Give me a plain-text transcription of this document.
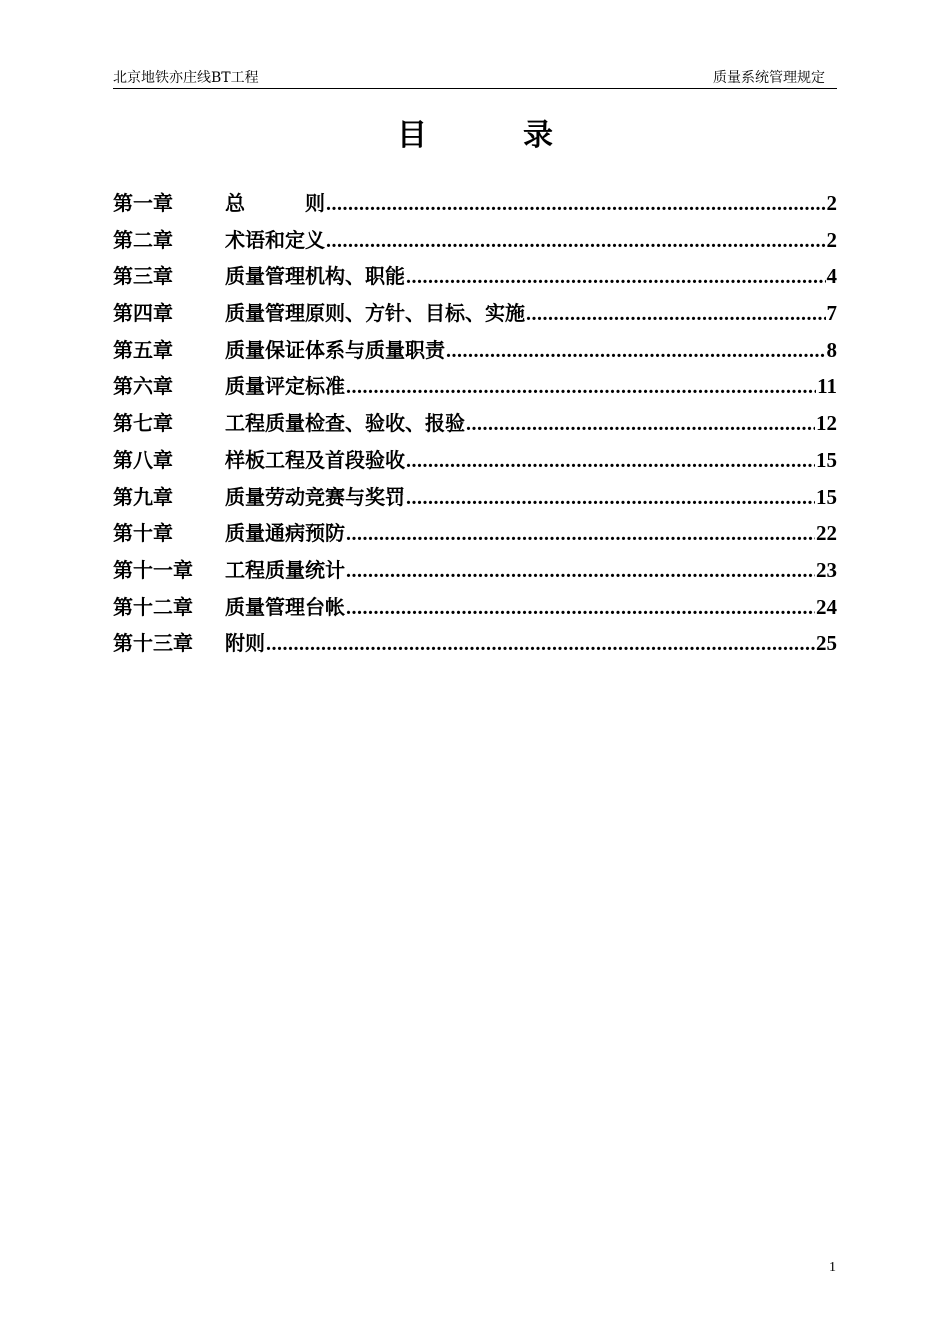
北京地铁亦庄线BT工程	质量系统管理规定
目	录
第一章	总　　　则 .....	2
第二章	术语和定义 .....	2
第三章	质量管理机构、职能 .....	4
第四章	质量管理原则、方针、目标、实施 .....	7
第五章	质量保证体系与质量职责 .....	8
第六章	质量评定标准 .....	11
第七章	工程质量检查、验收、报验 .....	12
第八章	样板工程及首段验收 .....	15
第九章	质量劳动竞赛与奖罚 .....	15
第十章	质量通病预防 .....	22
第十一章	工程质量统计 .....	23
第十二章	质量管理台帐 .....	24
第十三章	附则 .....	25
1
